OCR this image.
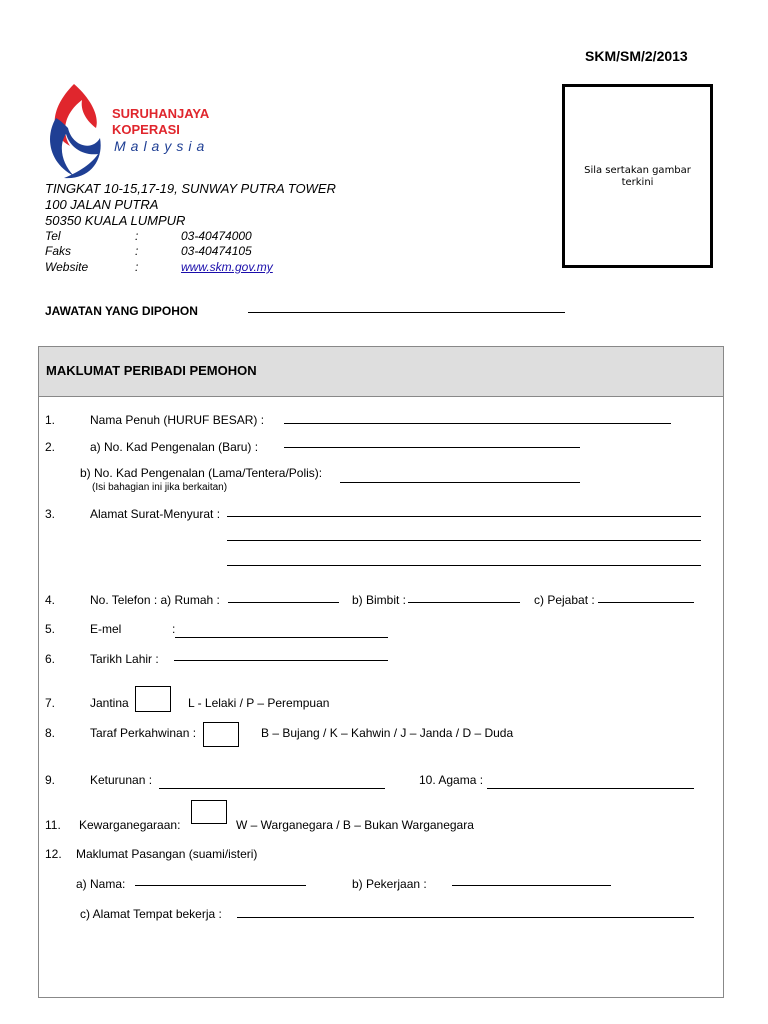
SKM/SM/2/2013
SURUHANJAYA
KOPERASI
Malaysia
TINGKAT 10-15,17-19, SUNWAY PUTRA TOWER
100 JALAN PUTRA
50350 KUALA LUMPUR
Tel	:	03-40474000
Faks	:	03-40474105
Website	:	www.skm.gov.my
Sila sertakan gambar terkini
JAWATAN YANG DIPOHON
MAKLUMAT PERIBADI PEMOHON
1.	Nama Penuh (HURUF BESAR) :
2.	a) No. Kad Pengenalan (Baru) :
b) No. Kad Pengenalan (Lama/Tentera/Polis):
(Isi bahagian ini jika berkaitan)
3.	Alamat Surat-Menyurat :
4.	No. Telefon : a) Rumah :	b) Bimbit :	c) Pejabat :
5.	E-mel	:
6.	Tarikh Lahir :
7.	Jantina	L - Lelaki / P – Perempuan
8.	Taraf Perkahwinan :	B – Bujang / K – Kahwin / J – Janda / D – Duda
9.	Keturunan :	10. Agama :
11. Kewarganegaraan:	W – Warganegara / B – Bukan Warganegara
12. Maklumat Pasangan (suami/isteri)
a) Nama:	b) Pekerjaan :
c) Alamat Tempat bekerja :
